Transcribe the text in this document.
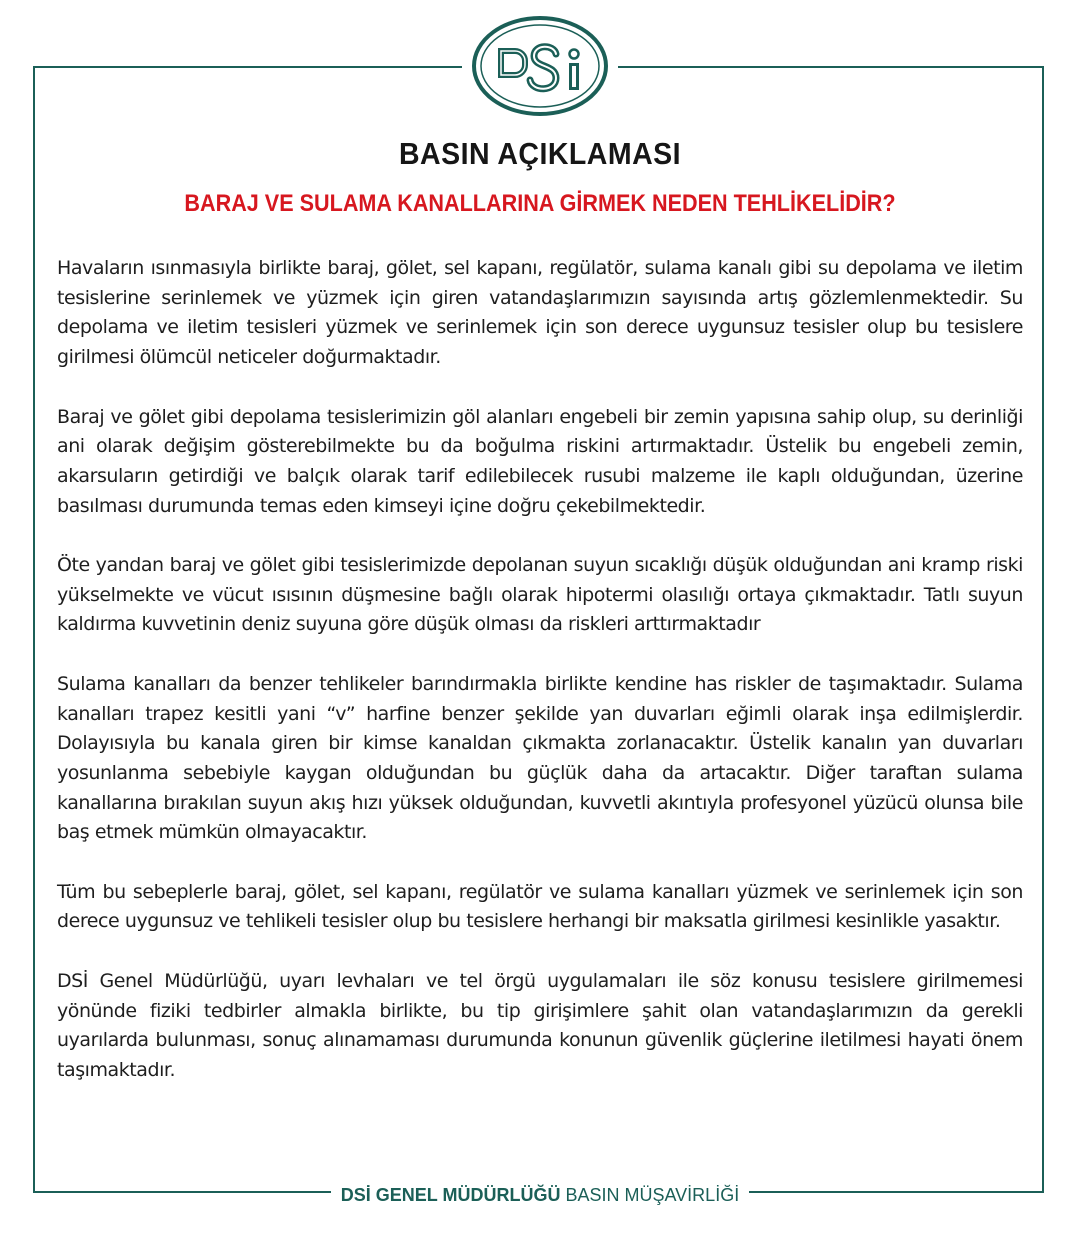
BASIN AÇIKLAMASI
BARAJ VE SULAMA KANALLARINA GİRMEK NEDEN TEHLİKELİDİR?

Havaların ısınmasıyla birlikte baraj, gölet, sel kapanı, regülatör, sulama kanalı gibi su depolama ve iletim tesislerine serinlemek ve yüzmek için giren vatandaşlarımızın sayısında artış gözlemlenmektedir. Su depolama ve iletim tesisleri yüzmek ve serinlemek için son derece uygunsuz tesisler olup bu tesislere girilmesi ölümcül neticeler doğurmaktadır.

Baraj ve gölet gibi depolama tesislerimizin göl alanları engebeli bir zemin yapısına sahip olup, su derinliği ani olarak değişim gösterebilmekte bu da boğulma riskini artırmaktadır. Üstelik bu engebeli zemin, akarsuların getirdiği ve balçık olarak tarif edilebilecek rusubi malzeme ile kaplı olduğundan, üzerine basılması durumunda temas eden kimseyi içine doğru çekebilmektedir.

Öte yandan baraj ve gölet gibi tesislerimizde depolanan suyun sıcaklığı düşük olduğundan ani kramp riski yükselmekte ve vücut ısısının düşmesine bağlı olarak hipotermi olasılığı ortaya çıkmaktadır. Tatlı suyun kaldırma kuvvetinin deniz suyuna göre düşük olması da riskleri arttırmaktadır

Sulama kanalları da benzer tehlikeler barındırmakla birlikte kendine has riskler de taşımaktadır. Sulama kanalları trapez kesitli yani “v” harfine benzer şekilde yan duvarları eğimli olarak inşa edilmişlerdir. Dolayısıyla bu kanala giren bir kimse kanaldan çıkmakta zorlanacaktır. Üstelik kanalın yan duvarları yosunlanma sebebiyle kaygan olduğundan bu güçlük daha da artacaktır. Diğer taraftan sulama kanallarına bırakılan suyun akış hızı yüksek olduğundan, kuvvetli akıntıyla profesyonel yüzücü olunsa bile baş etmek mümkün olmayacaktır.

Tüm bu sebeplerle baraj, gölet, sel kapanı, regülatör ve sulama kanalları yüzmek ve serinlemek için son derece uygunsuz ve tehlikeli tesisler olup bu tesislere herhangi bir maksatla girilmesi kesinlikle yasaktır.

DSİ Genel Müdürlüğü, uyarı levhaları ve tel örgü uygulamaları ile söz konusu tesislere girilmemesi yönünde fiziki tedbirler almakla birlikte, bu tip girişimlere şahit olan vatandaşlarımızın da gerekli uyarılarda bulunması, sonuç alınamaması durumunda konunun güvenlik güçlerine iletilmesi hayati önem taşımaktadır.

DSİ GENEL MÜDÜRLÜĞÜ BASIN MÜŞAVİRLİĞİ
